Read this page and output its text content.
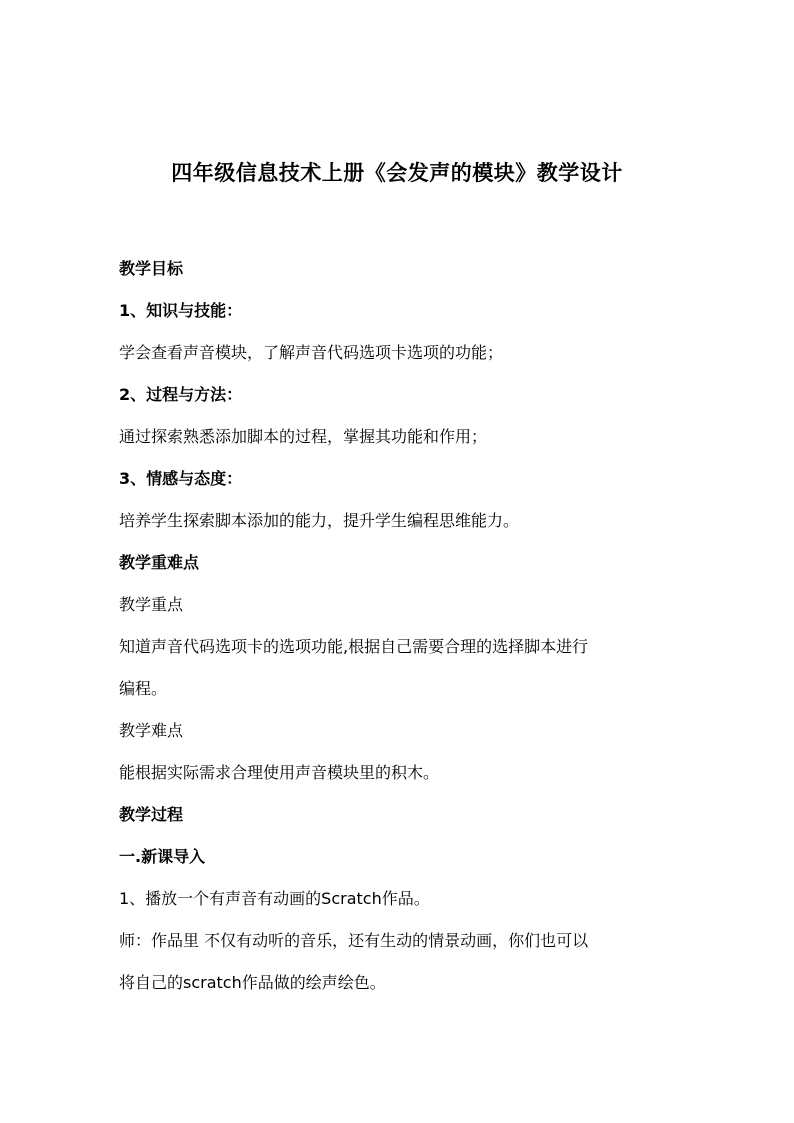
四年级信息技术上册《会发声的模块》教学设计
教学目标
1、知识与技能：
学会查看声音模块，了解声音代码选项卡选项的功能；
2、过程与方法：
通过探索熟悉添加脚本的过程，掌握其功能和作用；
3、情感与态度：
培养学生探索脚本添加的能力，提升学生编程思维能力。
教学重难点
教学重点
知道声音代码选项卡的选项功能,根据自己需要合理的选择脚本进行
编程。
教学难点
能根据实际需求合理使用声音模块里的积木。
教学过程
一.新课导入
1、播放一个有声音有动画的Scratch作品。
师：作品里 不仅有动听的音乐，还有生动的情景动画，你们也可以
将自己的scratch作品做的绘声绘色。
